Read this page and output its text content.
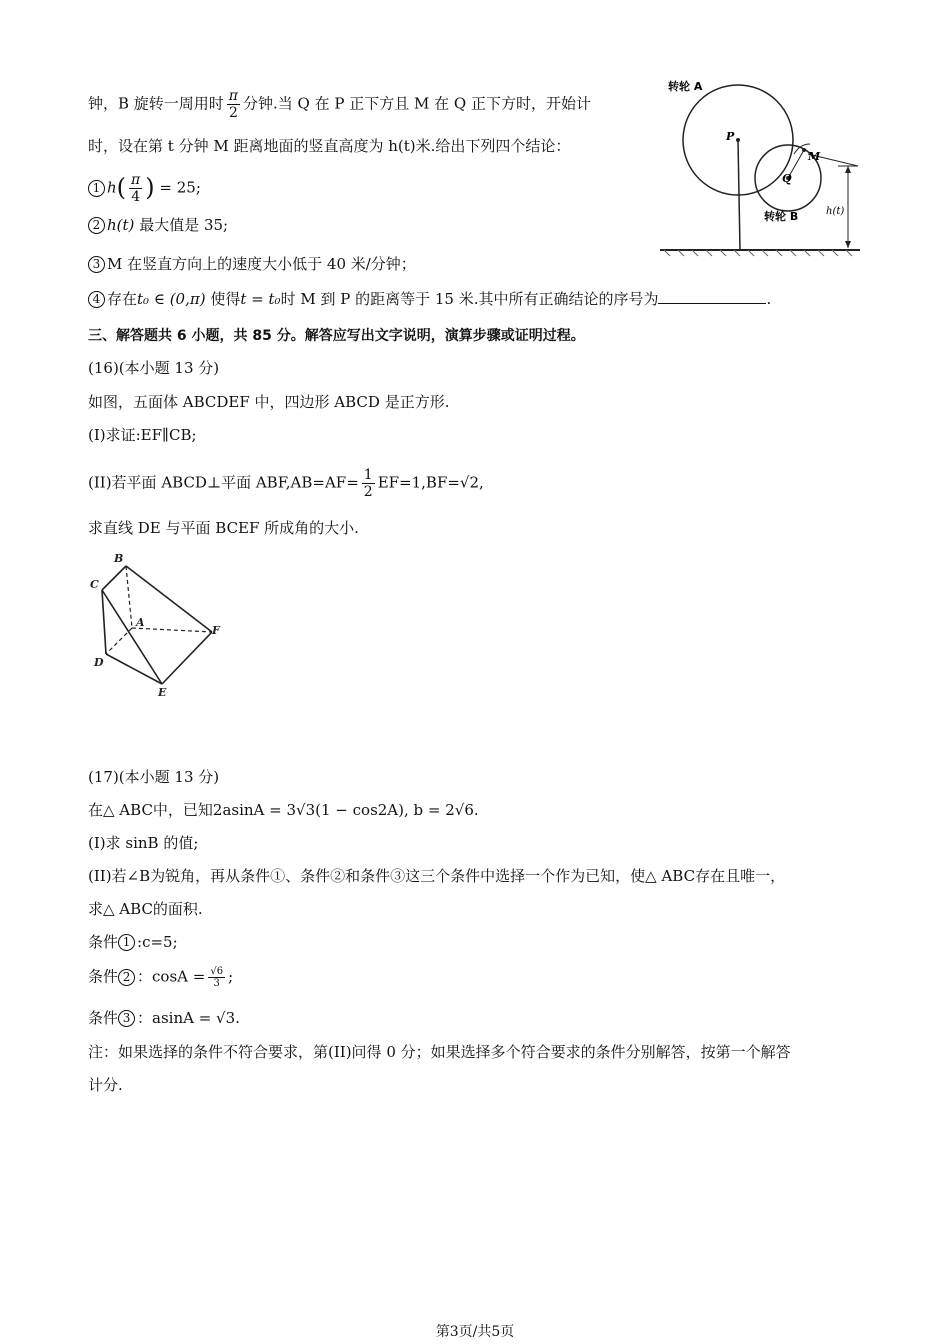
钟，B 旋转一周用时 $\frac{\pi}{2}$ 分钟.当 Q 在 P 正下方且 M 在 Q 正下方时，开始计
时，设在第 t 分钟 M 距离地面的竖直高度为 h(t)米.给出下列四个结论：
1 $h( \frac{\pi}{4}$ ) = 25;
2 h(t) 最大值是 35;
3 M 在竖直方向上的速度大小低于 40 米/分钟；
4 存在t₀ ∈ (0,π) 使得t = t₀时 M 到 P 的距离等于 15 米.其中所有正确结论的序号为	.
转轮 A
转轮 B
P
Q
M
h(t)
三、解答题共 6 小题，共 85 分。解答应写出文字说明，演算步骤或证明过程。
(16)(本小题 13 分)
如图，五面体 ABCDEF 中，四边形 ABCD 是正方形.
(I)求证:EF∥CB;
(II)若平面 ABCD⊥平面 $ABF,AB=AF= \frac{1}{2} EF=1,BF=√2$,
求直线 DE 与平面 BCEF 所成角的大小.
B
C
A
F
D
E
(17)(本小题 13 分)
在△ ABC中，已知2asinA = 3√3(1 − cos2A), b = 2√6.
(I)求 sinB 的值;
(II)若∠B为锐角，再从条件①、条件②和条件③这三个条件中选择一个作为已知，使△ ABC存在且唯一，
求△ ABC的面积.
条件 1 :c=5;
条件 2 ：$\cos A = \frac{√6}{3}$ ;
条件 3 ：asinA = √3.
注：如果选择的条件不符合要求，第(II)问得 0 分；如果选择多个符合要求的条件分别解答，按第一个解答
计分.
第3页/共5页
